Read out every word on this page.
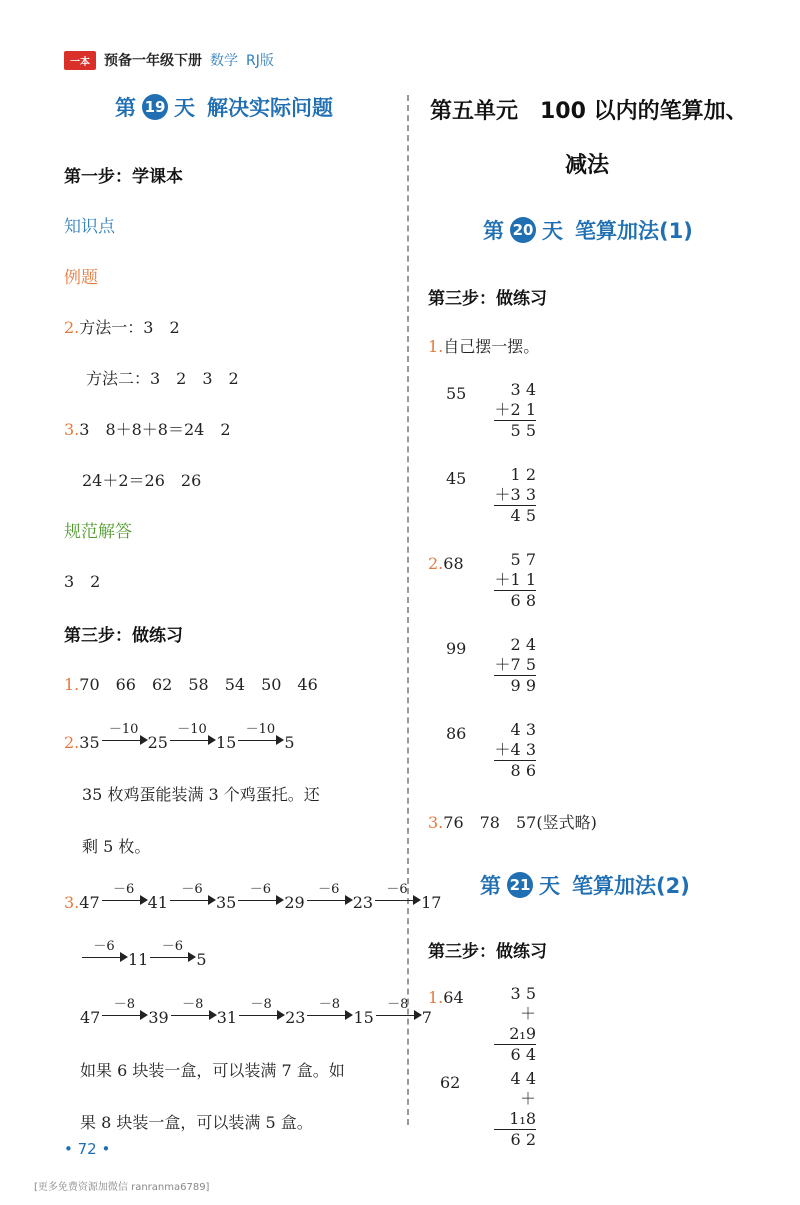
一本	预备一年级下册 数学 RJ版
第 19 天 解决实际问题
第一步：学课本
知识点
例题
2.方法一：3　2
方法二：3　2　3　2
3.3　8＋8＋8＝24　2
24＋2＝26　26
规范解答
3　2
第三步：做练习
1.70　66　62　58　54　50　46
2.35
－10
25
－10
15
－10
5
35 枚鸡蛋能装满 3 个鸡蛋托。还
剩 5 枚。
3.47
－6
41
－6
35
－6
29
－6
23
－6
17
－6
11
－6
5
47
－8
39
－8
31
－8
23
－8
15
－8
7
如果 6 块装一盒，可以装满 7 盒。如
果 8 块装一盒，可以装满 5 盒。
• 72 •
第五单元　100 以内的笔算加、
减法
第 20 天 笔算加法(1)
第三步：做练习
1.自己摆一摆。
55	3 4
＋2 1
5 5
45	1 2
＋3 3
4 5
2.68	5 7
＋1 1
6 8
99	2 4
＋7 5
9 9
86	4 3
＋4 3
8 6
3.76　78　57(竖式略)
第 21 天 笔算加法(2)
第三步：做练习
1.64	3 5
＋2₁9
6 4
62	4 4
＋1₁8
6 2
[更多免费资源加微信 ranranma6789]
